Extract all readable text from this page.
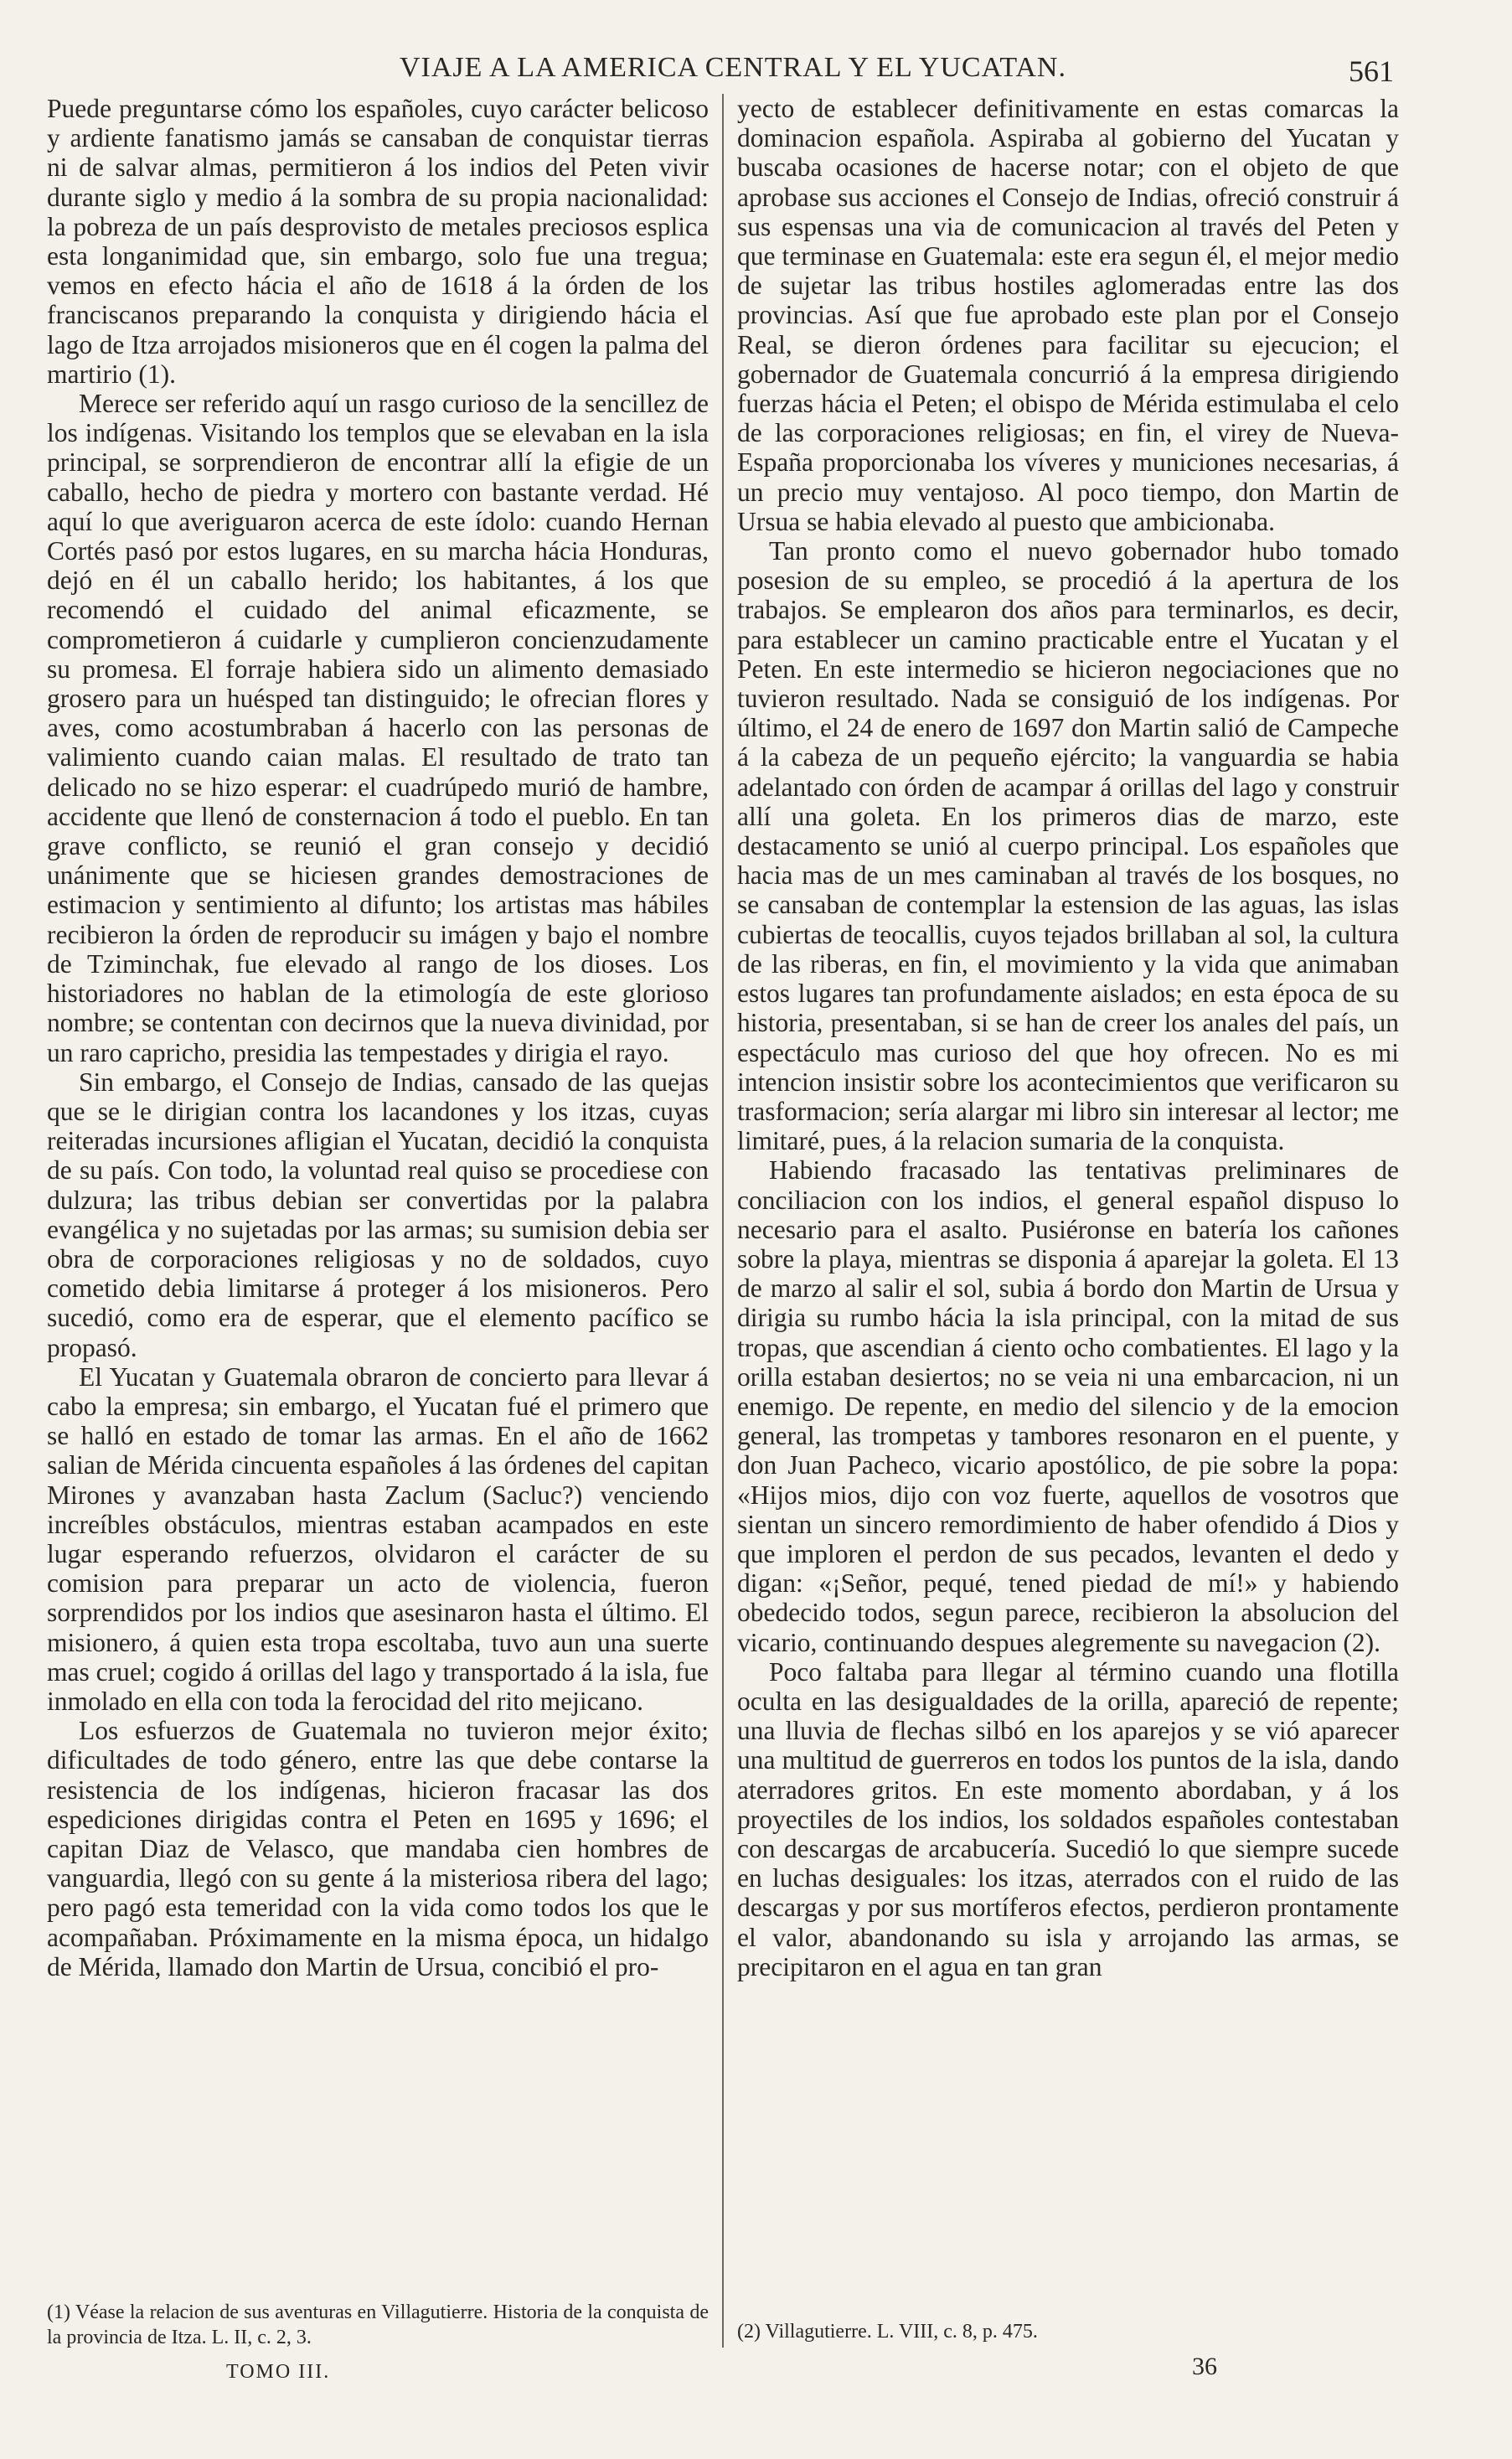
VIAJE A LA AMERICA CENTRAL Y EL YUCATAN.	561

Puede preguntarse cómo los españoles, cuyo carácter belicoso y ardiente fanatismo jamás se cansaban de conquistar tierras ni de salvar almas, permitieron á los indios del Peten vivir durante siglo y medio á la sombra de su propia nacionalidad: la pobreza de un país desprovisto de metales preciosos esplica esta longanimidad que, sin embargo, solo fue una tregua; vemos en efecto hácia el año de 1618 á la órden de los franciscanos preparando la conquista y dirigiendo hácia el lago de Itza arrojados misioneros que en él cogen la palma del martirio (1).

Merece ser referido aquí un rasgo curioso de la sencillez de los indígenas. Visitando los templos que se elevaban en la isla principal, se sorprendieron de encontrar allí la efigie de un caballo, hecho de piedra y mortero con bastante verdad. Hé aquí lo que averiguaron acerca de este ídolo: cuando Hernan Cortés pasó por estos lugares, en su marcha hácia Honduras, dejó en él un caballo herido; los habitantes, á los que recomendó el cuidado del animal eficazmente, se comprometieron á cuidarle y cumplieron concienzudamente su promesa. El forraje habiera sido un alimento demasiado grosero para un huésped tan distinguido; le ofrecian flores y aves, como acostumbraban á hacerlo con las personas de valimiento cuando caian malas. El resultado de trato tan delicado no se hizo esperar: el cuadrúpedo murió de hambre, accidente que llenó de consternacion á todo el pueblo. En tan grave conflicto, se reunió el gran consejo y decidió unánimente que se hiciesen grandes demostraciones de estimacion y sentimiento al difunto; los artistas mas hábiles recibieron la órden de reproducir su imágen y bajo el nombre de Tziminchak, fue elevado al rango de los dioses. Los historiadores no hablan de la etimología de este glorioso nombre; se contentan con decirnos que la nueva divinidad, por un raro capricho, presidia las tempestades y dirigia el rayo.

Sin embargo, el Consejo de Indias, cansado de las quejas que se le dirigian contra los lacandones y los itzas, cuyas reiteradas incursiones afligian el Yucatan, decidió la conquista de su país. Con todo, la voluntad real quiso se procediese con dulzura; las tribus debian ser convertidas por la palabra evangélica y no sujetadas por las armas; su sumision debia ser obra de corporaciones religiosas y no de soldados, cuyo cometido debia limitarse á proteger á los misioneros. Pero sucedió, como era de esperar, que el elemento pacífico se propasó.

El Yucatan y Guatemala obraron de concierto para llevar á cabo la empresa; sin embargo, el Yucatan fué el primero que se halló en estado de tomar las armas. En el año de 1662 salian de Mérida cincuenta españoles á las órdenes del capitan Mirones y avanzaban hasta Zaclum (Sacluc?) venciendo increíbles obstáculos, mientras estaban acampados en este lugar esperando refuerzos, olvidaron el carácter de su comision para preparar un acto de violencia, fueron sorprendidos por los indios que asesinaron hasta el último. El misionero, á quien esta tropa escoltaba, tuvo aun una suerte mas cruel; cogido á orillas del lago y transportado á la isla, fue inmolado en ella con toda la ferocidad del rito mejicano.

Los esfuerzos de Guatemala no tuvieron mejor éxito; dificultades de todo género, entre las que debe contarse la resistencia de los indígenas, hicieron fracasar las dos espediciones dirigidas contra el Peten en 1695 y 1696; el capitan Diaz de Velasco, que mandaba cien hombres de vanguardia, llegó con su gente á la misteriosa ribera del lago; pero pagó esta temeridad con la vida como todos los que le acompañaban. Próximamente en la misma época, un hidalgo de Mérida, llamado don Martin de Ursua, concibió el pro-

yecto de establecer definitivamente en estas comarcas la dominacion española. Aspiraba al gobierno del Yucatan y buscaba ocasiones de hacerse notar; con el objeto de que aprobase sus acciones el Consejo de Indias, ofreció construir á sus espensas una via de comunicacion al través del Peten y que terminase en Guatemala: este era segun él, el mejor medio de sujetar las tribus hostiles aglomeradas entre las dos provincias. Así que fue aprobado este plan por el Consejo Real, se dieron órdenes para facilitar su ejecucion; el gobernador de Guatemala concurrió á la empresa dirigiendo fuerzas hácia el Peten; el obispo de Mérida estimulaba el celo de las corporaciones religiosas; en fin, el virey de Nueva-España proporcionaba los víveres y municiones necesarias, á un precio muy ventajoso. Al poco tiempo, don Martin de Ursua se habia elevado al puesto que ambicionaba.

Tan pronto como el nuevo gobernador hubo tomado posesion de su empleo, se procedió á la apertura de los trabajos. Se emplearon dos años para terminarlos, es decir, para establecer un camino practicable entre el Yucatan y el Peten. En este intermedio se hicieron negociaciones que no tuvieron resultado. Nada se consiguió de los indígenas. Por último, el 24 de enero de 1697 don Martin salió de Campeche á la cabeza de un pequeño ejército; la vanguardia se habia adelantado con órden de acampar á orillas del lago y construir allí una goleta. En los primeros dias de marzo, este destacamento se unió al cuerpo principal. Los españoles que hacia mas de un mes caminaban al través de los bosques, no se cansaban de contemplar la estension de las aguas, las islas cubiertas de teocallis, cuyos tejados brillaban al sol, la cultura de las riberas, en fin, el movimiento y la vida que animaban estos lugares tan profundamente aislados; en esta época de su historia, presentaban, si se han de creer los anales del país, un espectáculo mas curioso del que hoy ofrecen. No es mi intencion insistir sobre los acontecimientos que verificaron su trasformacion; sería alargar mi libro sin interesar al lector; me limitaré, pues, á la relacion sumaria de la conquista.

Habiendo fracasado las tentativas preliminares de conciliacion con los indios, el general español dispuso lo necesario para el asalto. Pusiéronse en batería los cañones sobre la playa, mientras se disponia á aparejar la goleta. El 13 de marzo al salir el sol, subia á bordo don Martin de Ursua y dirigia su rumbo hácia la isla principal, con la mitad de sus tropas, que ascendian á ciento ocho combatientes. El lago y la orilla estaban desiertos; no se veia ni una embarcacion, ni un enemigo. De repente, en medio del silencio y de la emocion general, las trompetas y tambores resonaron en el puente, y don Juan Pacheco, vicario apostólico, de pie sobre la popa: «Hijos mios, dijo con voz fuerte, aquellos de vosotros que sientan un sincero remordimiento de haber ofendido á Dios y que imploren el perdon de sus pecados, levanten el dedo y digan: «¡Señor, pequé, tened piedad de mí!» y habiendo obedecido todos, segun parece, recibieron la absolucion del vicario, continuando despues alegremente su navegacion (2).

Poco faltaba para llegar al término cuando una flotilla oculta en las desigualdades de la orilla, apareció de repente; una lluvia de flechas silbó en los aparejos y se vió aparecer una multitud de guerreros en todos los puntos de la isla, dando aterradores gritos. En este momento abordaban, y á los proyectiles de los indios, los soldados españoles contestaban con descargas de arcabucería. Sucedió lo que siempre sucede en luchas desiguales: los itzas, aterrados con el ruido de las descargas y por sus mortíferos efectos, perdieron prontamente el valor, abandonando su isla y arrojando las armas, se precipitaron en el agua en tan gran

(1) Véase la relacion de sus aventuras en Villagutierre. Historia de la conquista de la provincia de Itza. L. II, c. 2, 3.	(2) Villagutierre. L. VIII, c. 8, p. 475.
TOMO III.	36
